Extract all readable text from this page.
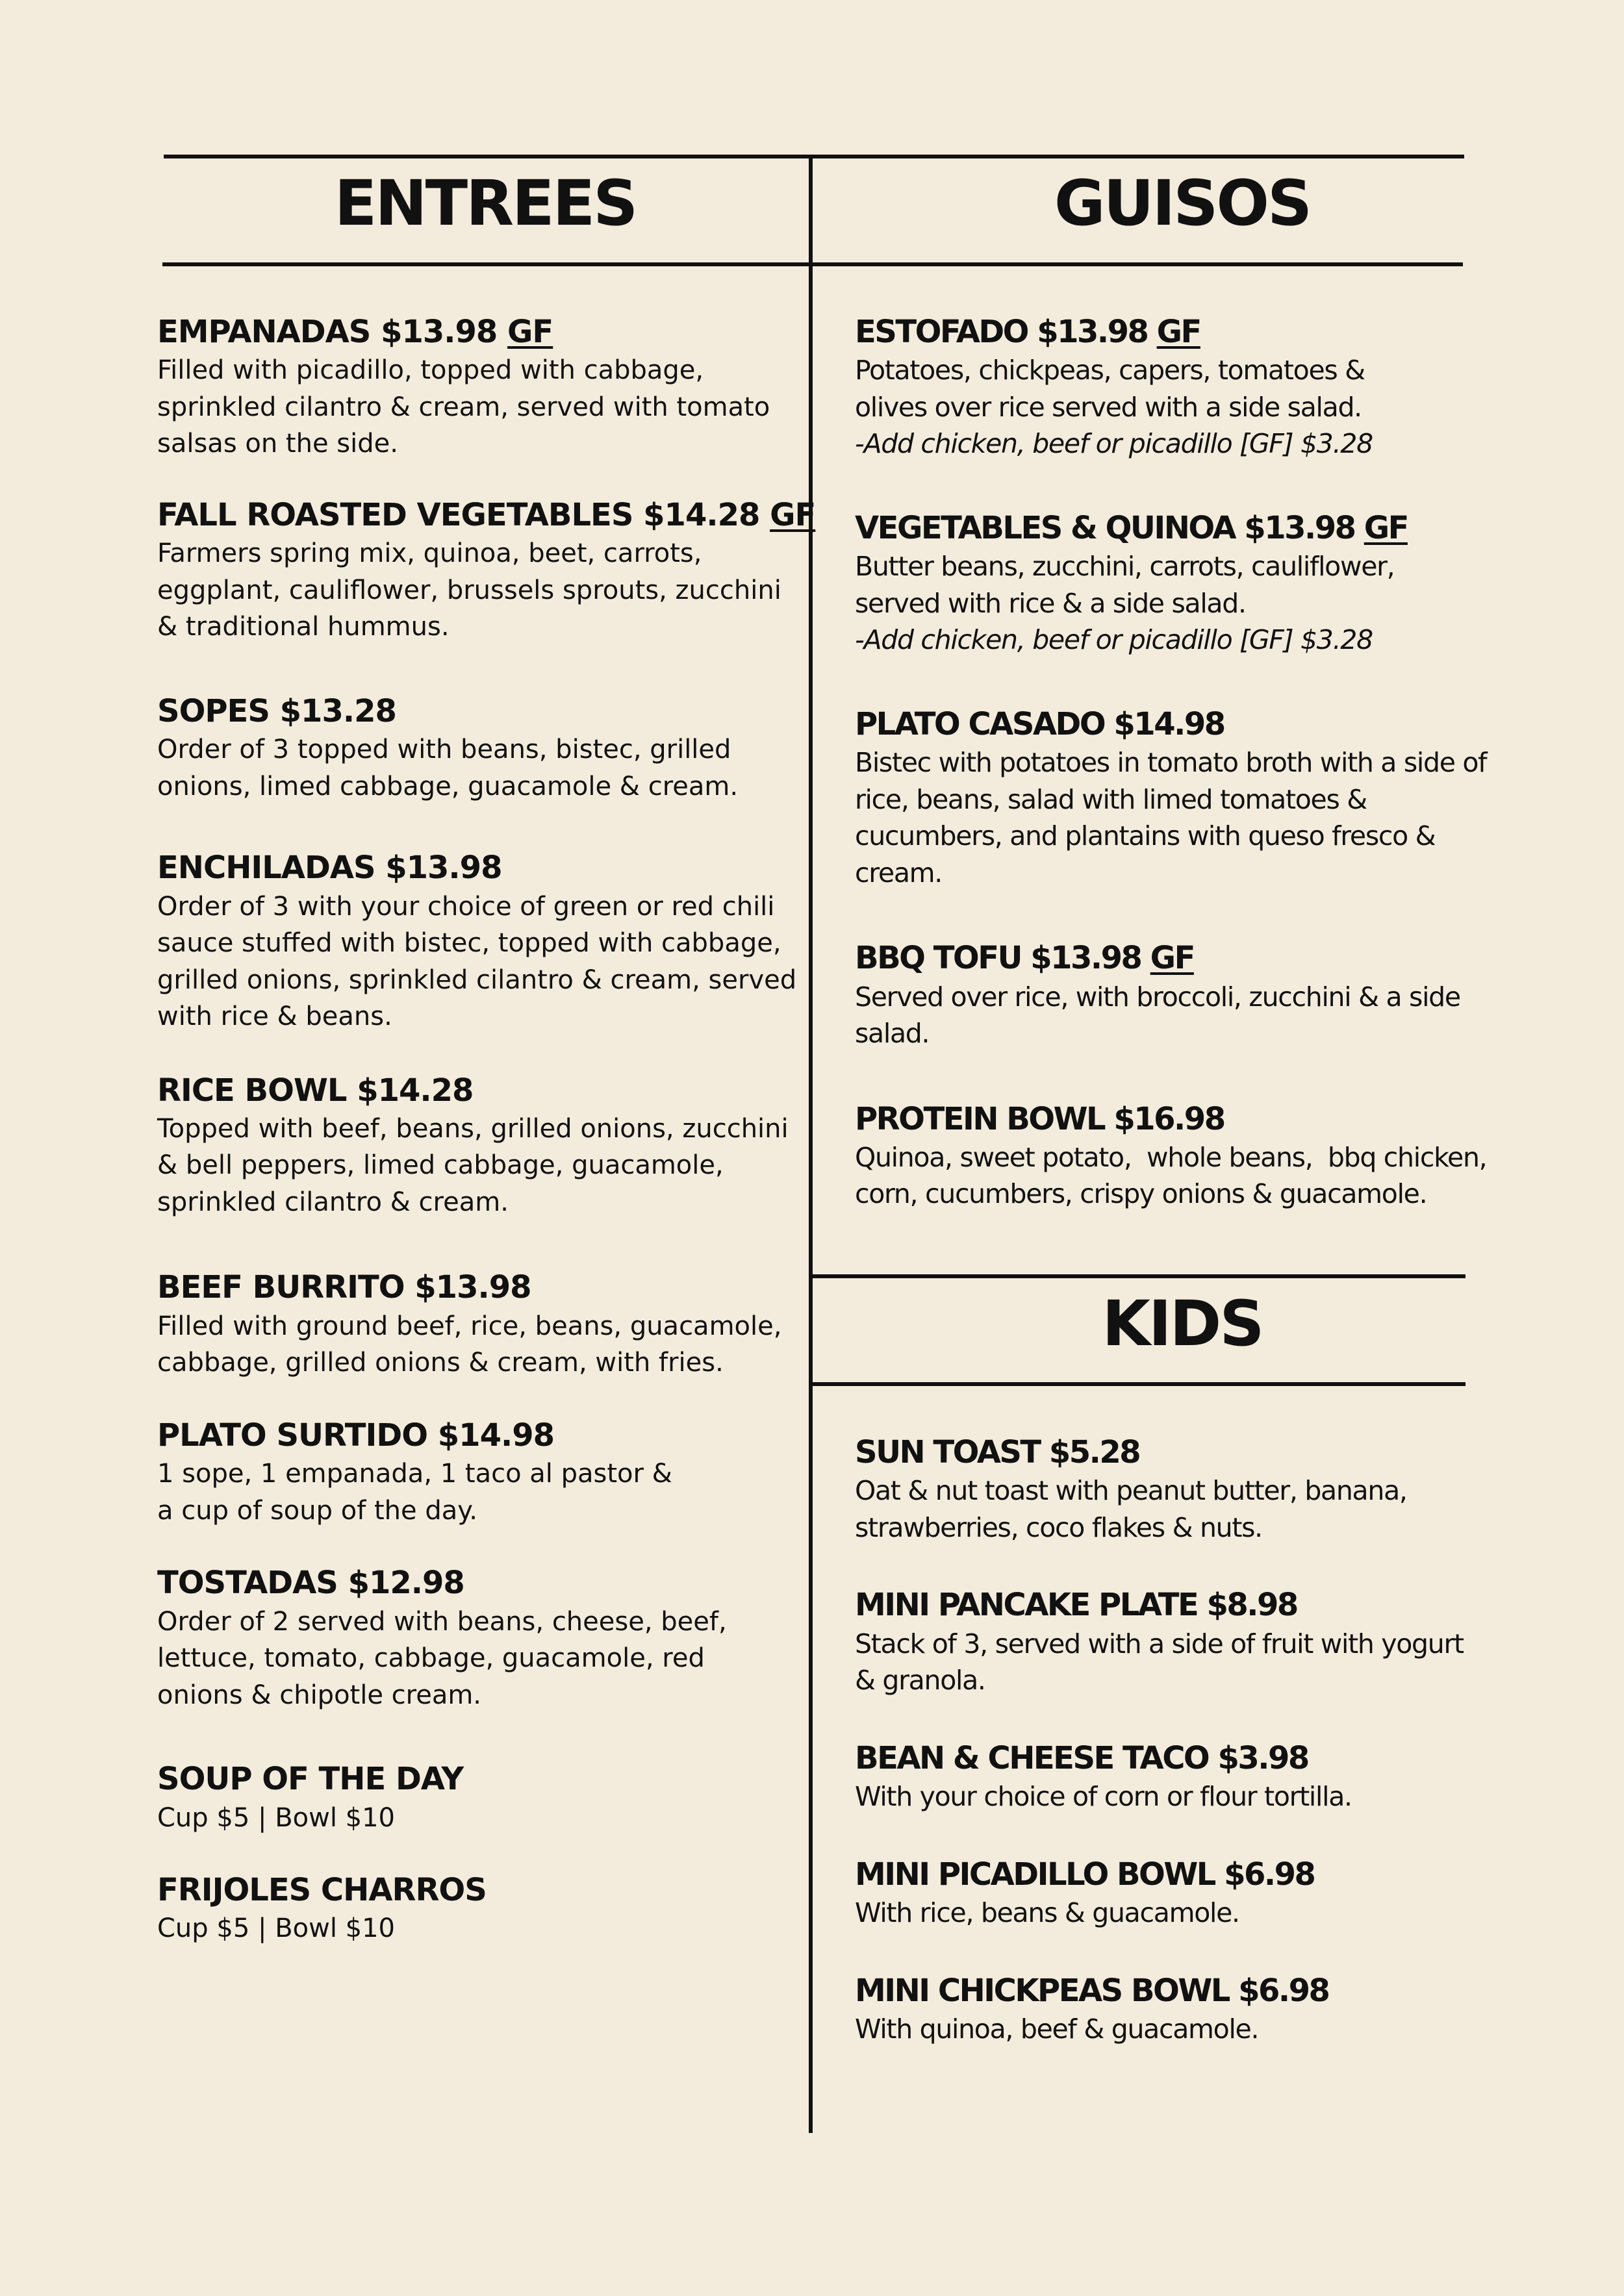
ENTREES	GUISOS
KIDS

EMPANADAS $13.98 GF

Filled with picadillo, topped with cabbage, sprinkled cilantro & cream, served with tomato salsas on the side.

FALL ROASTED VEGETABLES $14.28 GF

Farmers spring mix, quinoa, beet, carrots, eggplant, cauliflower, brussels sprouts, zucchini & traditional hummus.

SOPES $13.28

Order of 3 topped with beans, bistec, grilled onions, limed cabbage, guacamole & cream.

ENCHILADAS $13.98

Order of 3 with your choice of green or red chili sauce stuffed with bistec, topped with cabbage, grilled onions, sprinkled cilantro & cream, served with rice & beans.

RICE BOWL $14.28

Topped with beef, beans, grilled onions, zucchini & bell peppers, limed cabbage, guacamole, sprinkled cilantro & cream.

BEEF BURRITO $13.98

Filled with ground beef, rice, beans, guacamole, cabbage, grilled onions & cream, with fries.

PLATO SURTIDO $14.98

1 sope, 1 empanada, 1 taco al pastor & a cup of soup of the day.

TOSTADAS $12.98

Order of 2 served with beans, cheese, beef, lettuce, tomato, cabbage, guacamole, red onions & chipotle cream.

SOUP OF THE DAY

Cup $5 | Bowl $10

FRIJOLES CHARROS

Cup $5 | Bowl $10

ESTOFADO $13.98 GF

Potatoes, chickpeas, capers, tomatoes & olives over rice served with a side salad.

-Add chicken, beef or picadillo [GF] $3.28

VEGETABLES & QUINOA $13.98 GF

Butter beans, zucchini, carrots, cauliflower, served with rice & a side salad.

-Add chicken, beef or picadillo [GF] $3.28

PLATO CASADO $14.98

Bistec with potatoes in tomato broth with a side of rice, beans, salad with limed tomatoes & cucumbers, and plantains with queso fresco & cream.

BBQ TOFU $13.98 GF

Served over rice, with broccoli, zucchini & a side salad.

PROTEIN BOWL $16.98

Quinoa, sweet potato,  whole beans,  bbq chicken, corn, cucumbers, crispy onions & guacamole.

SUN TOAST $5.28

Oat & nut toast with peanut butter, banana, strawberries, coco flakes & nuts.

MINI PANCAKE PLATE $8.98

Stack of 3, served with a side of fruit with yogurt & granola.

BEAN & CHEESE TACO $3.98

With your choice of corn or flour tortilla.

MINI PICADILLO BOWL $6.98

With rice, beans & guacamole.

MINI CHICKPEAS BOWL $6.98

With quinoa, beef & guacamole.
